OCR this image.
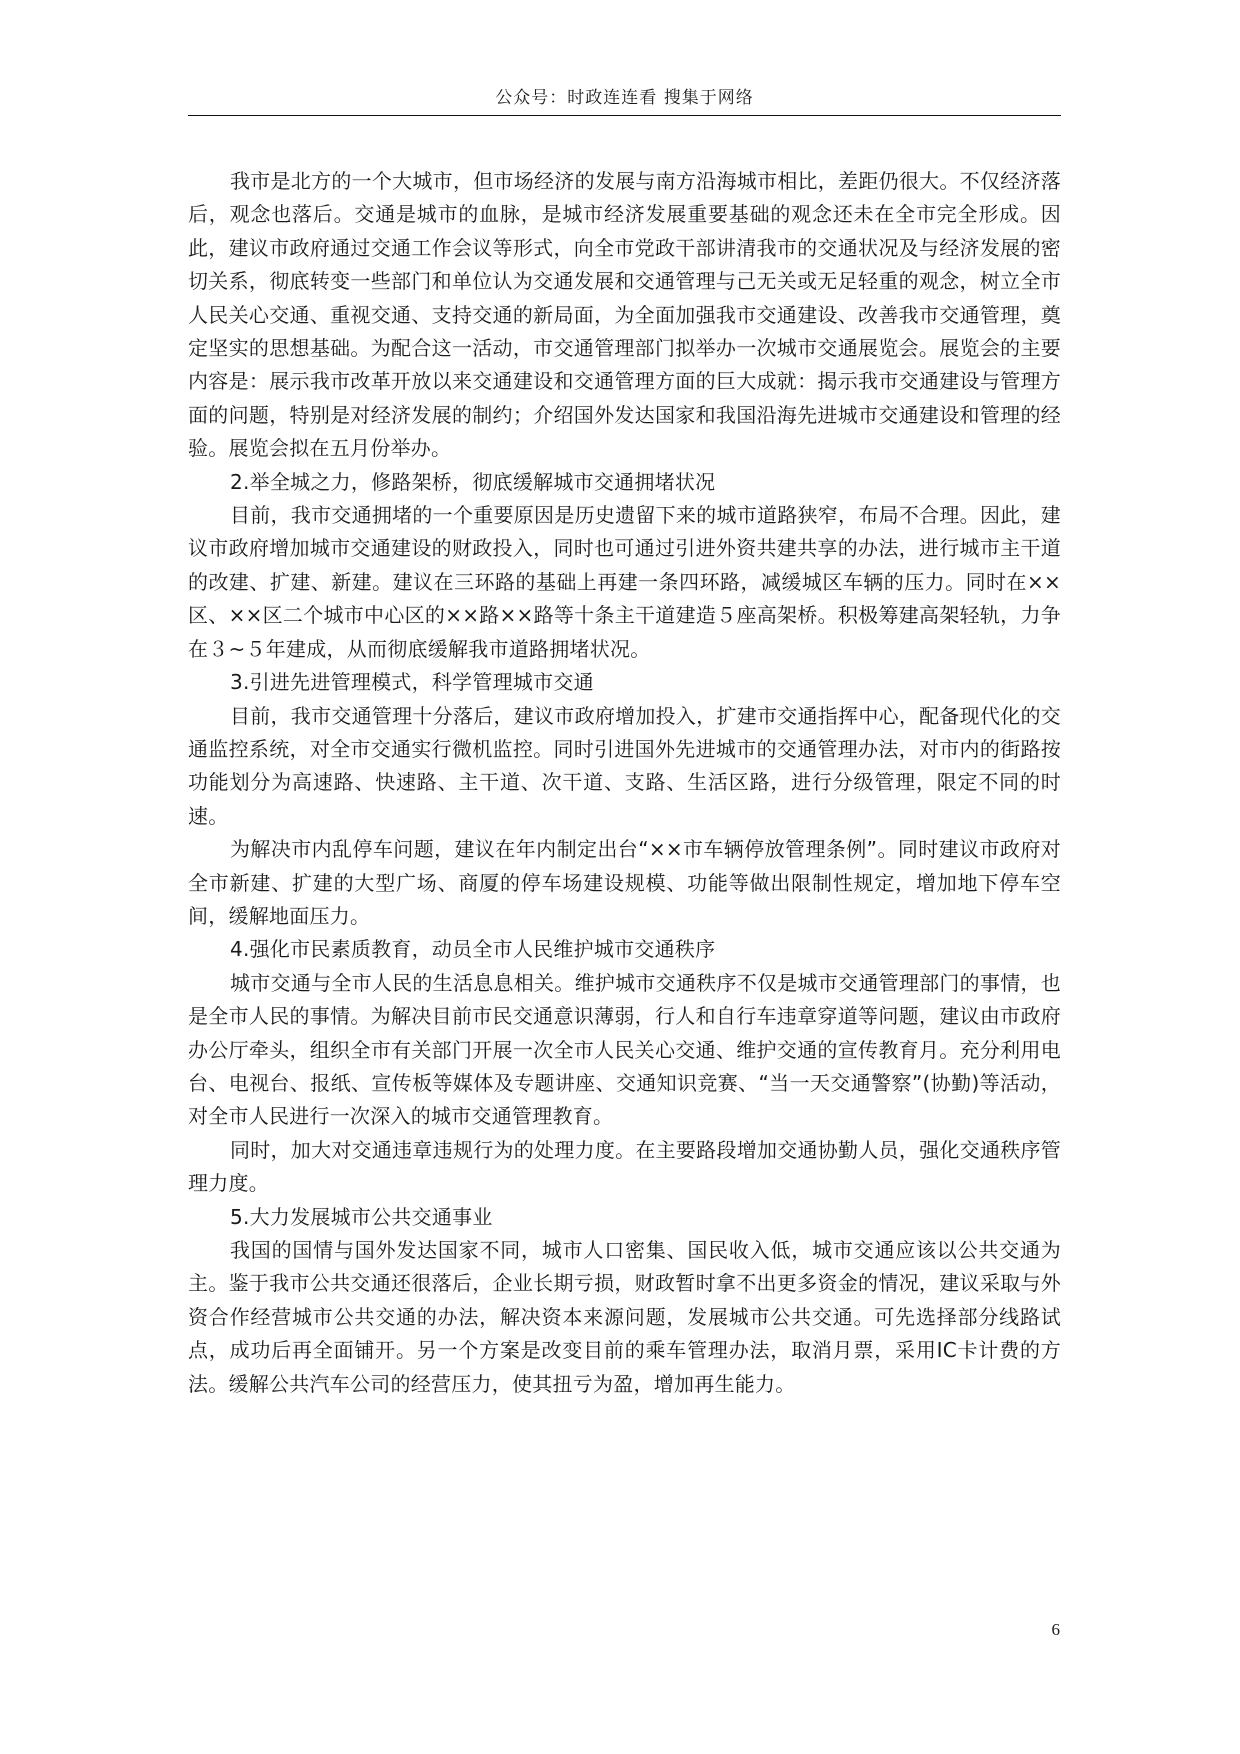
公众号：时政连连看 搜集于网络

我市是北方的一个大城市，但市场经济的发展与南方沿海城市相比，差距仍很大。不仅经济落后，观念也落后。交通是城市的血脉，是城市经济发展重要基础的观念还未在全市完全形成。因此，建议市政府通过交通工作会议等形式，向全市党政干部讲清我市的交通状况及与经济发展的密切关系，彻底转变一些部门和单位认为交通发展和交通管理与己无关或无足轻重的观念，树立全市人民关心交通、重视交通、支持交通的新局面，为全面加强我市交通建设、改善我市交通管理，奠定坚实的思想基础。为配合这一活动，市交通管理部门拟举办一次城市交通展览会。展览会的主要内容是：展示我市改革开放以来交通建设和交通管理方面的巨大成就：揭示我市交通建设与管理方面的问题，特别是对经济发展的制约；介绍国外发达国家和我国沿海先进城市交通建设和管理的经验。展览会拟在五月份举办。

2.举全城之力，修路架桥，彻底缓解城市交通拥堵状况

目前，我市交通拥堵的一个重要原因是历史遗留下来的城市道路狭窄，布局不合理。因此，建议市政府增加城市交通建设的财政投入，同时也可通过引进外资共建共享的办法，进行城市主干道的改建、扩建、新建。建议在三环路的基础上再建一条四环路，减缓城区车辆的压力。同时在××区、××区二个城市中心区的××路××路等十条主干道建造５座高架桥。积极筹建高架轻轨，力争在３~５年建成，从而彻底缓解我市道路拥堵状况。

3.引进先进管理模式，科学管理城市交通

目前，我市交通管理十分落后，建议市政府增加投入，扩建市交通指挥中心，配备现代化的交通监控系统，对全市交通实行微机监控。同时引进国外先进城市的交通管理办法，对市内的街路按功能划分为高速路、快速路、主干道、次干道、支路、生活区路，进行分级管理，限定不同的时速。

为解决市内乱停车问题，建议在年内制定出台“××市车辆停放管理条例”。同时建议市政府对全市新建、扩建的大型广场、商厦的停车场建设规模、功能等做出限制性规定，增加地下停车空间，缓解地面压力。

4.强化市民素质教育，动员全市人民维护城市交通秩序

城市交通与全市人民的生活息息相关。维护城市交通秩序不仅是城市交通管理部门的事情，也是全市人民的事情。为解决目前市民交通意识薄弱，行人和自行车违章穿道等问题，建议由市政府办公厅牵头，组织全市有关部门开展一次全市人民关心交通、维护交通的宣传教育月。充分利用电台、电视台、报纸、宣传板等媒体及专题讲座、交通知识竞赛、“当一天交通警察”(协勤)等活动，对全市人民进行一次深入的城市交通管理教育。

同时，加大对交通违章违规行为的处理力度。在主要路段增加交通协勤人员，强化交通秩序管理力度。

5.大力发展城市公共交通事业

我国的国情与国外发达国家不同，城市人口密集、国民收入低，城市交通应该以公共交通为主。鉴于我市公共交通还很落后，企业长期亏损，财政暂时拿不出更多资金的情况，建议采取与外资合作经营城市公共交通的办法，解决资本来源问题，发展城市公共交通。可先选择部分线路试点，成功后再全面铺开。另一个方案是改变目前的乘车管理办法，取消月票，采用IC卡计费的方法。缓解公共汽车公司的经营压力，使其扭亏为盈，增加再生能力。

6
